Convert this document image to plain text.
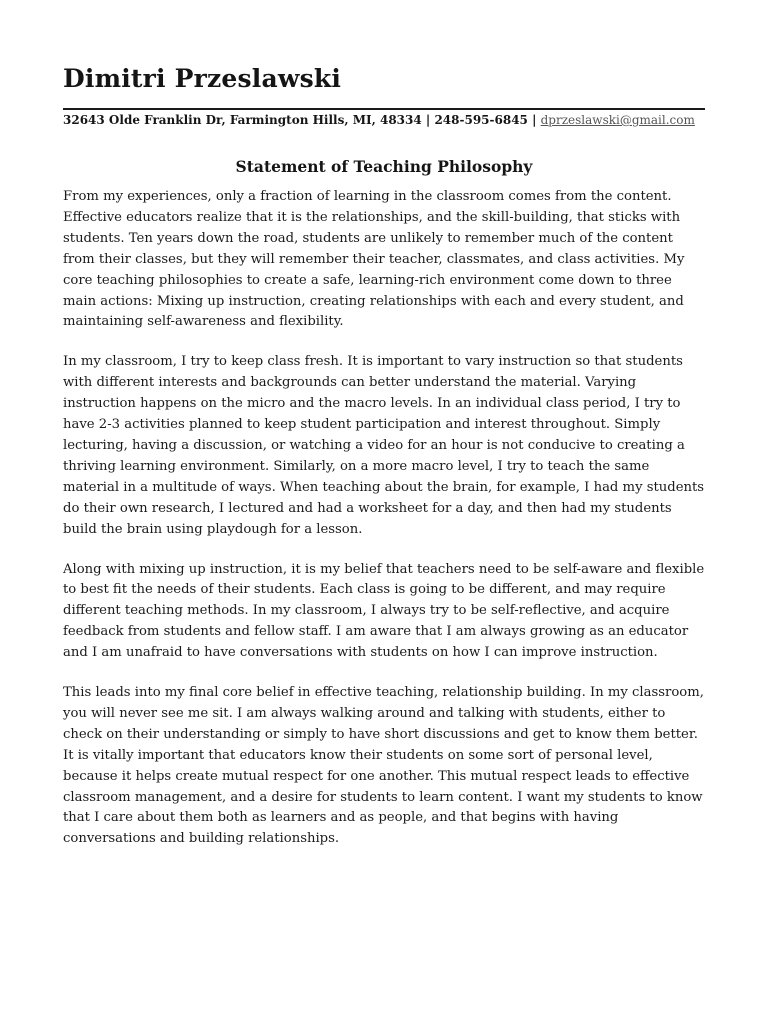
Dimitri Przeslawski
32643 Olde Franklin Dr, Farmington Hills, MI, 48334 | 248-595-6845 | dprzeslawski@gmail.com
Statement of Teaching Philosophy

From my experiences, only a fraction of learning in the classroom comes from the content. Effective educators realize that it is the relationships, and the skill-building, that sticks with students. Ten years down the road, students are unlikely to remember much of the content from their classes, but they will remember their teacher, classmates, and class activities. My core teaching philosophies to create a safe, learning-rich environment come down to three main actions: Mixing up instruction, creating relationships with each and every student, and maintaining self-awareness and flexibility.

In my classroom, I try to keep class fresh. It is important to vary instruction so that students with different interests and backgrounds can better understand the material. Varying instruction happens on the micro and the macro levels. In an individual class period, I try to have 2-3 activities planned to keep student participation and interest throughout. Simply lecturing, having a discussion, or watching a video for an hour is not conducive to creating a thriving learning environment. Similarly, on a more macro level, I try to teach the same material in a multitude of ways. When teaching about the brain, for example, I had my students do their own research, I lectured and had a worksheet for a day, and then had my students build the brain using playdough for a lesson.

Along with mixing up instruction, it is my belief that teachers need to be self-aware and flexible to best fit the needs of their students. Each class is going to be different, and may require different teaching methods. In my classroom, I always try to be self-reflective, and acquire feedback from students and fellow staff. I am aware that I am always growing as an educator and I am unafraid to have conversations with students on how I can improve instruction.

This leads into my final core belief in effective teaching, relationship building. In my classroom, you will never see me sit. I am always walking around and talking with students, either to check on their understanding or simply to have short discussions and get to know them better. It is vitally important that educators know their students on some sort of personal level, because it helps create mutual respect for one another. This mutual respect leads to effective classroom management, and a desire for students to learn content. I want my students to know that I care about them both as learners and as people, and that begins with having conversations and building relationships.
